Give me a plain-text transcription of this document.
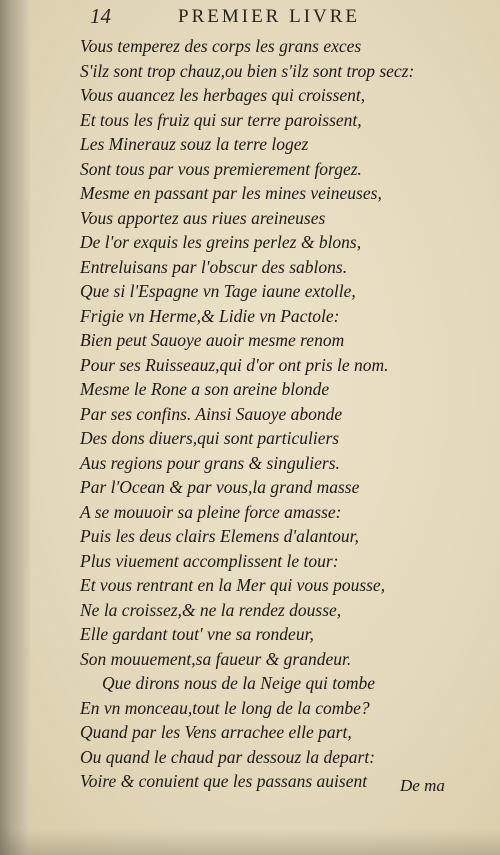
14	PREMIER LIVRE
Vous temperez des corps les grans exces
S'ilz sont trop chauz,ou bien s'ilz sont trop secz:
Vous auancez les herbages qui croissent,
Et tous les fruiz qui sur terre paroissent,
Les Minerauz souz la terre logez
Sont tous par vous premierement forgez.
Mesme en passant par les mines veineuses,
Vous apportez aus riues areineuses
De l'or exquis les greins perlez & blons,
Entreluisans par l'obscur des sablons.
Que si l'Espagne vn Tage iaune extolle,
Frigie vn Herme,& Lidie vn Pactole:
Bien peut Sauoye auoir mesme renom
Pour ses Ruisseauz,qui d'or ont pris le nom.
Mesme le Rone a son areine blonde
Par ses confins. Ainsi Sauoye abonde
Des dons diuers,qui sont particuliers
Aus regions pour grans & singuliers.
Par l'Ocean & par vous,la grand masse
A se mouuoir sa pleine force amasse:
Puis les deus clairs Elemens d'alantour,
Plus viuement accomplissent le tour:
Et vous rentrant en la Mer qui vous pousse,
Ne la croissez,& ne la rendez dousse,
Elle gardant tout' vne sa rondeur,
Son mouuement,sa faueur & grandeur.
Que dirons nous de la Neige qui tombe
En vn monceau,tout le long de la combe?
Quand par les Vens arrachee elle part,
Ou quand le chaud par dessouz la depart:
Voire & conuient que les passans auisent	De ma
